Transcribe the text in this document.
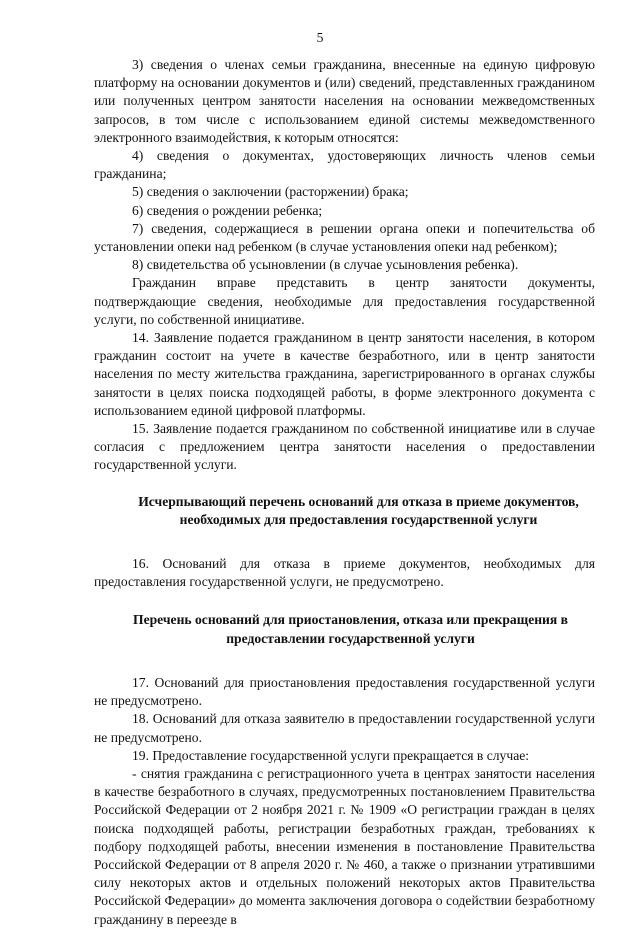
5

3) сведения о членах семьи гражданина, внесенные на единую цифровую платформу на основании документов и (или) сведений, представленных гражданином или полученных центром занятости населения на основании межведомственных запросов, в том числе с использованием единой системы межведомственного электронного взаимодействия, к которым относятся:

4) сведения о документах, удостоверяющих личность членов семьи гражданина;

5) сведения о заключении (расторжении) брака;

6) сведения о рождении ребенка;

7) сведения, содержащиеся в решении органа опеки и попечительства об установлении опеки над ребенком (в случае установления опеки над ребенком);

8) свидетельства об усыновлении (в случае усыновления ребенка).

Гражданин вправе представить в центр занятости документы, подтверждающие сведения, необходимые для предоставления государственной услуги, по собственной инициативе.

14. Заявление подается гражданином в центр занятости населения, в котором гражданин состоит на учете в качестве безработного, или в центр занятости населения по месту жительства гражданина, зарегистрированного в органах службы занятости в целях поиска подходящей работы, в форме электронного документа с использованием единой цифровой платформы.

15. Заявление подается гражданином по собственной инициативе или в случае согласия с предложением центра занятости населения о предоставлении государственной услуги.

Исчерпывающий перечень оснований для отказа в приеме документов, необходимых для предоставления государственной услуги

16. Оснований для отказа в приеме документов, необходимых для предоставления государственной услуги, не предусмотрено.

Перечень оснований для приостановления, отказа или прекращения в предоставлении государственной услуги

17. Оснований для приостановления предоставления государственной услуги не предусмотрено.

18. Оснований для отказа заявителю в предоставлении государственной услуги не предусмотрено.

19. Предоставление государственной услуги прекращается в случае:

- снятия гражданина с регистрационного учета в центрах занятости населения в качестве безработного в случаях, предусмотренных постановлением Правительства Российской Федерации от 2 ноября 2021 г. № 1909 «О регистрации граждан в целях поиска подходящей работы, регистрации безработных граждан, требованиях к подбору подходящей работы, внесении изменения в постановление Правительства Российской Федерации от 8 апреля 2020 г. № 460, а также о признании утратившими силу некоторых актов и отдельных положений некоторых актов Правительства Российской Федерации» до момента заключения договора о содействии безработному гражданину в переезде в
